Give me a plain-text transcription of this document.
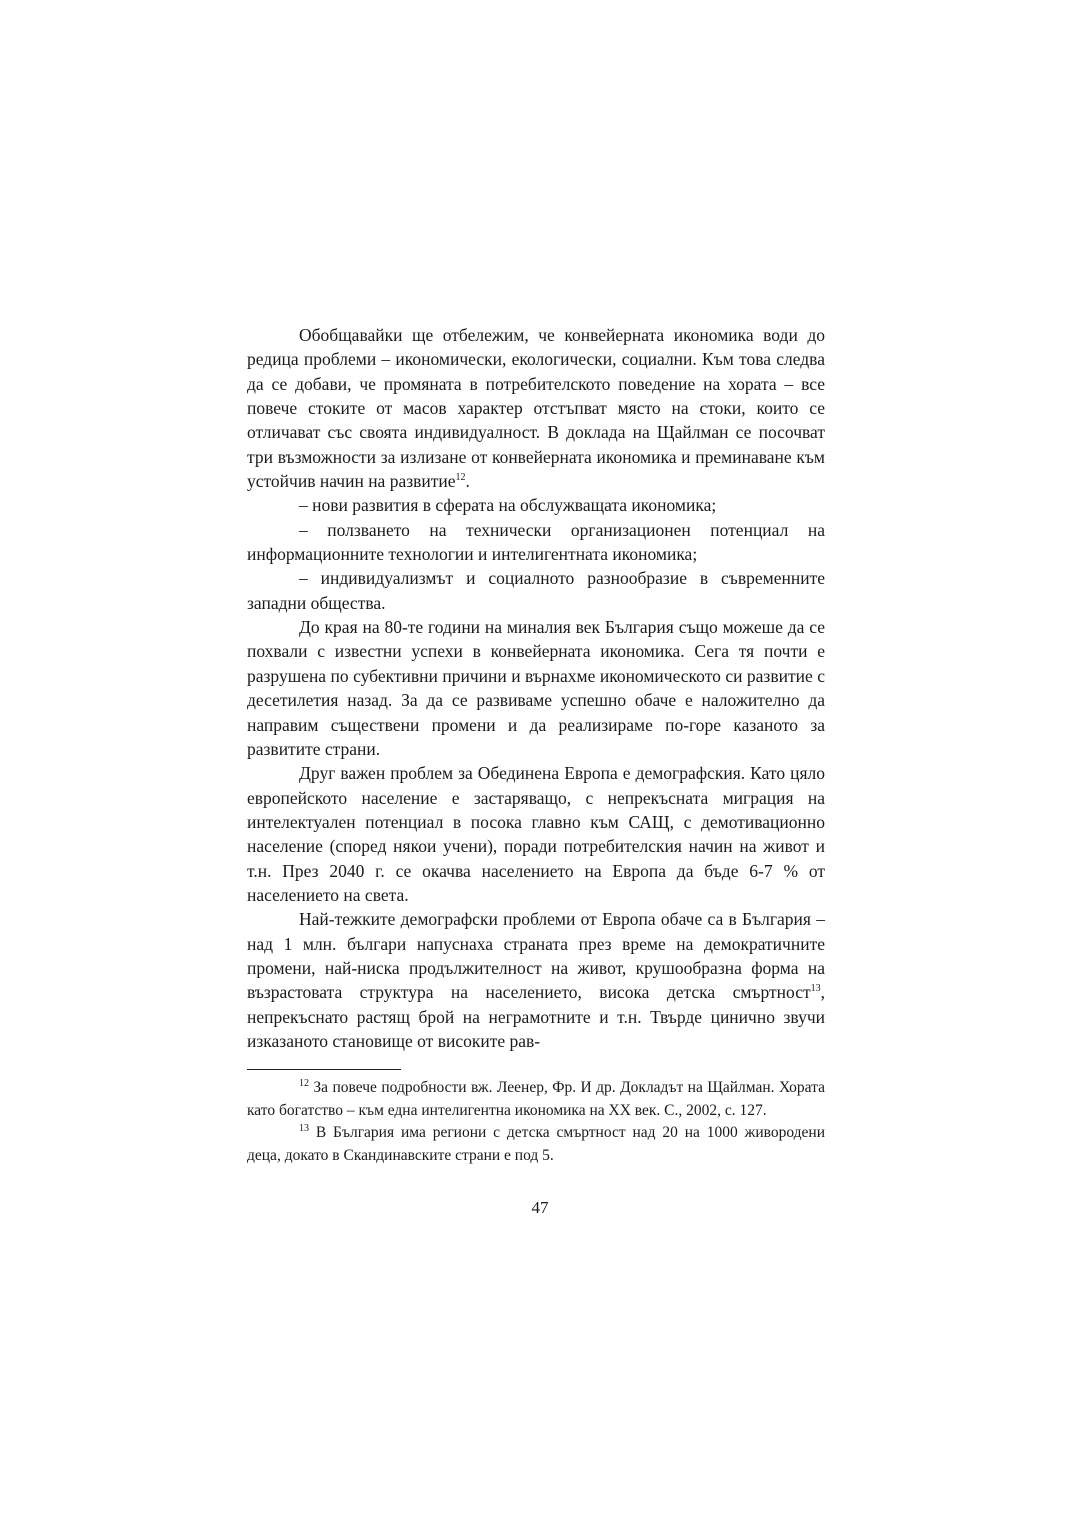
Обобщавайки ще отбележим, че конвейерната икономика води до редица проблеми – икономически, екологически, социални. Към това следва да се добави, че промяната в потребителското поведение на хората – все повече стоките от масов характер отстъпват място на стоки, които се отличават със своята индивидуалност. В доклада на Щайлман се посочват три възможности за излизане от конвейерната икономика и преминаване към устойчив начин на развитие$^{12}$.

– нови развития в сферата на обслужващата икономика;

– ползването на технически организационен потенциал на информационните технологии и интелигентната икономика;

– индивидуализмът и социалното разнообразие в съвременните западни общества.

До края на 80-те години на миналия век България също можеше да се похвали с известни успехи в конвейерната икономика. Сега тя почти е разрушена по субективни причини и върнахме икономическото си развитие с десетилетия назад. За да се развиваме успешно обаче е наложително да направим съществени промени и да реализираме по-горе казаното за развитите страни.

Друг важен проблем за Обединена Европа е демографския. Като цяло европейското население е застаряващо, с непрекъсната миграция на интелектуален потенциал в посока главно към САЩ, с демотивационно население (според някои учени), поради потребителския начин на живот и т.н. През 2040 г. се окачва населението на Европа да бъде 6-7 % от населението на света.

Най-тежките демографски проблеми от Европа обаче са в България – над 1 млн. българи напуснаха страната през време на демократичните промени, най-ниска продължителност на живот, крушообразна форма на възрастовата структура на населението, висока детска смъртност$^{13}$, непрекъснато растящ брой на неграмотните и т.н. Твърде цинично звучи изказаното становище от високите рав-

$^{12}$ За повече подробности вж. Леенер, Фр. И др. Докладът на Щайлман. Хората като богатство – към една интелигентна икономика на XX век. С., 2002, с. 127.

$^{13}$ В България има региони с детска смъртност над 20 на 1000 живородени деца, докато в Скандинавските страни е под 5.

47
